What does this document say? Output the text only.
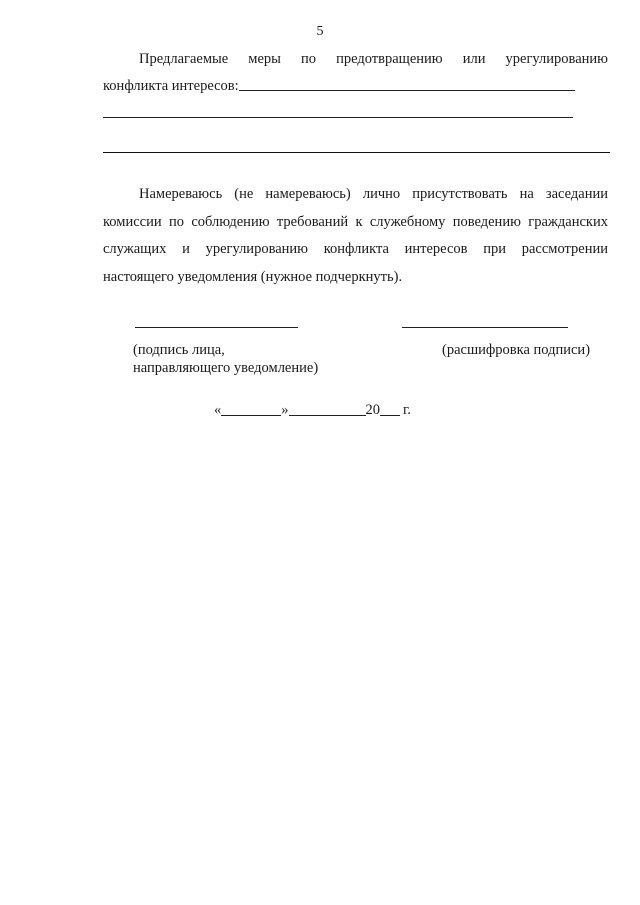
5

Предлагаемые меры по предотвращению или урегулированию

конфликта интересов:

Намереваюсь (не намереваюсь) лично присутствовать на заседании комиссии по соблюдению требований к служебному поведению гражданских служащих и урегулированию конфликта интересов при рассмотрении настоящего уведомления (нужное подчеркнуть).

(подпись лица,
направляющего уведомление)
(расшифровка подписи)
«	»	20 г.
